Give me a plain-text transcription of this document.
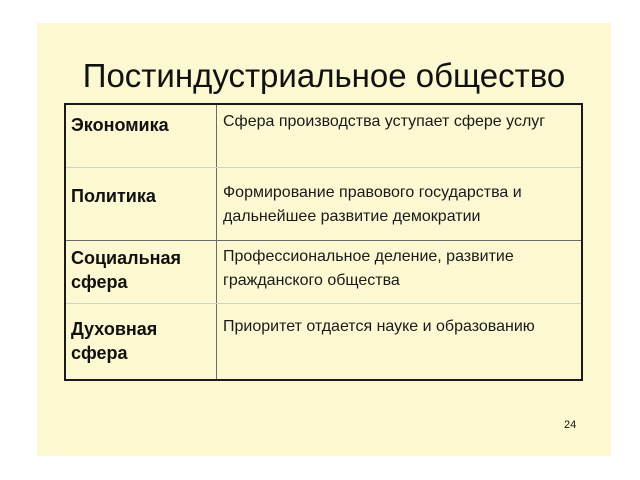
Постиндустриальное общество
Экономика	Сфера производства уступает сфере услуг
Политика	Формирование правового государства и дальнейшее развитие демократии
Социальная сфера
Профессиональное деление, развитие гражданского общества
Духовная сфера
Приоритет отдается науке и образованию
24
